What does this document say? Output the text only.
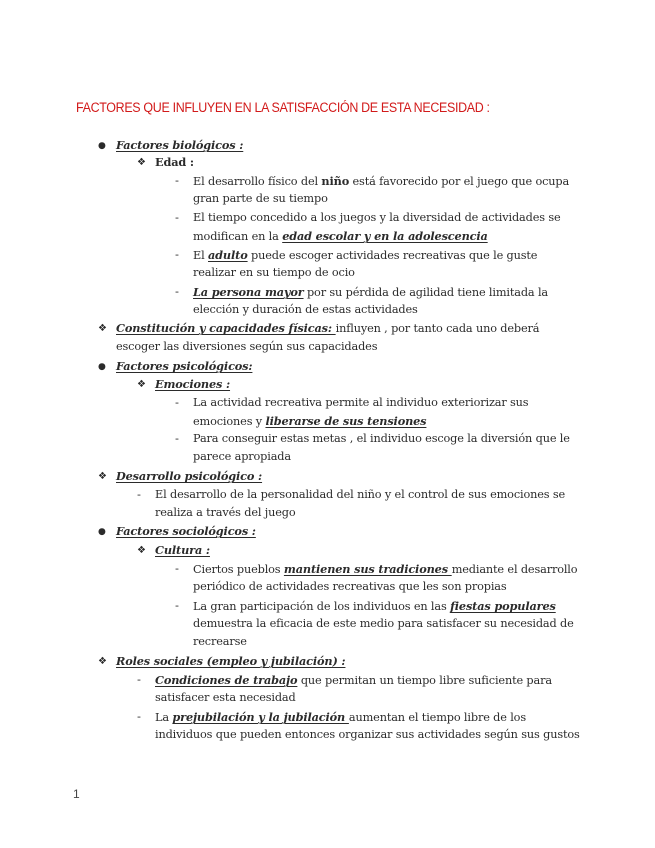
FACTORES QUE INFLUYEN EN LA SATISFACCIÓN DE ESTA NECESIDAD :
● Factores biológicos :
❖ Edad :
- El desarrollo físico del niño está favorecido por el juego que ocupa
gran parte de su tiempo
- El tiempo concedido a los juegos y la diversidad de actividades se
modifican en la edad escolar y en la adolescencia
- El adulto puede escoger actividades recreativas que le guste
realizar en su tiempo de ocio
- La persona mayor por su pérdida de agilidad tiene limitada la
elección y duración de estas actividades
❖ Constitución y capacidades físicas: influyen , por tanto cada uno deberá
escoger las diversiones según sus capacidades
● Factores psicológicos:
❖ Emociones :
- La actividad recreativa permite al individuo exteriorizar sus
emociones y liberarse de sus tensiones
- Para conseguir estas metas , el individuo escoge la diversión que le
parece apropiada
❖ Desarrollo psicológico :
- El desarrollo de la personalidad del niño y el control de sus emociones se
realiza a través del juego
● Factores sociológicos :
❖ Cultura :
- Ciertos pueblos mantienen sus tradiciones mediante el desarrollo
periódico de actividades recreativas que les son propias
- La gran participación de los individuos en las fiestas populares
demuestra la eficacia de este medio para satisfacer su necesidad de
recrearse
❖ Roles sociales (empleo y jubilación) :
- Condiciones de trabajo que permitan un tiempo libre suficiente para
satisfacer esta necesidad
- La prejubilación y la jubilación aumentan el tiempo libre de los
individuos que pueden entonces organizar sus actividades según sus gustos
1
